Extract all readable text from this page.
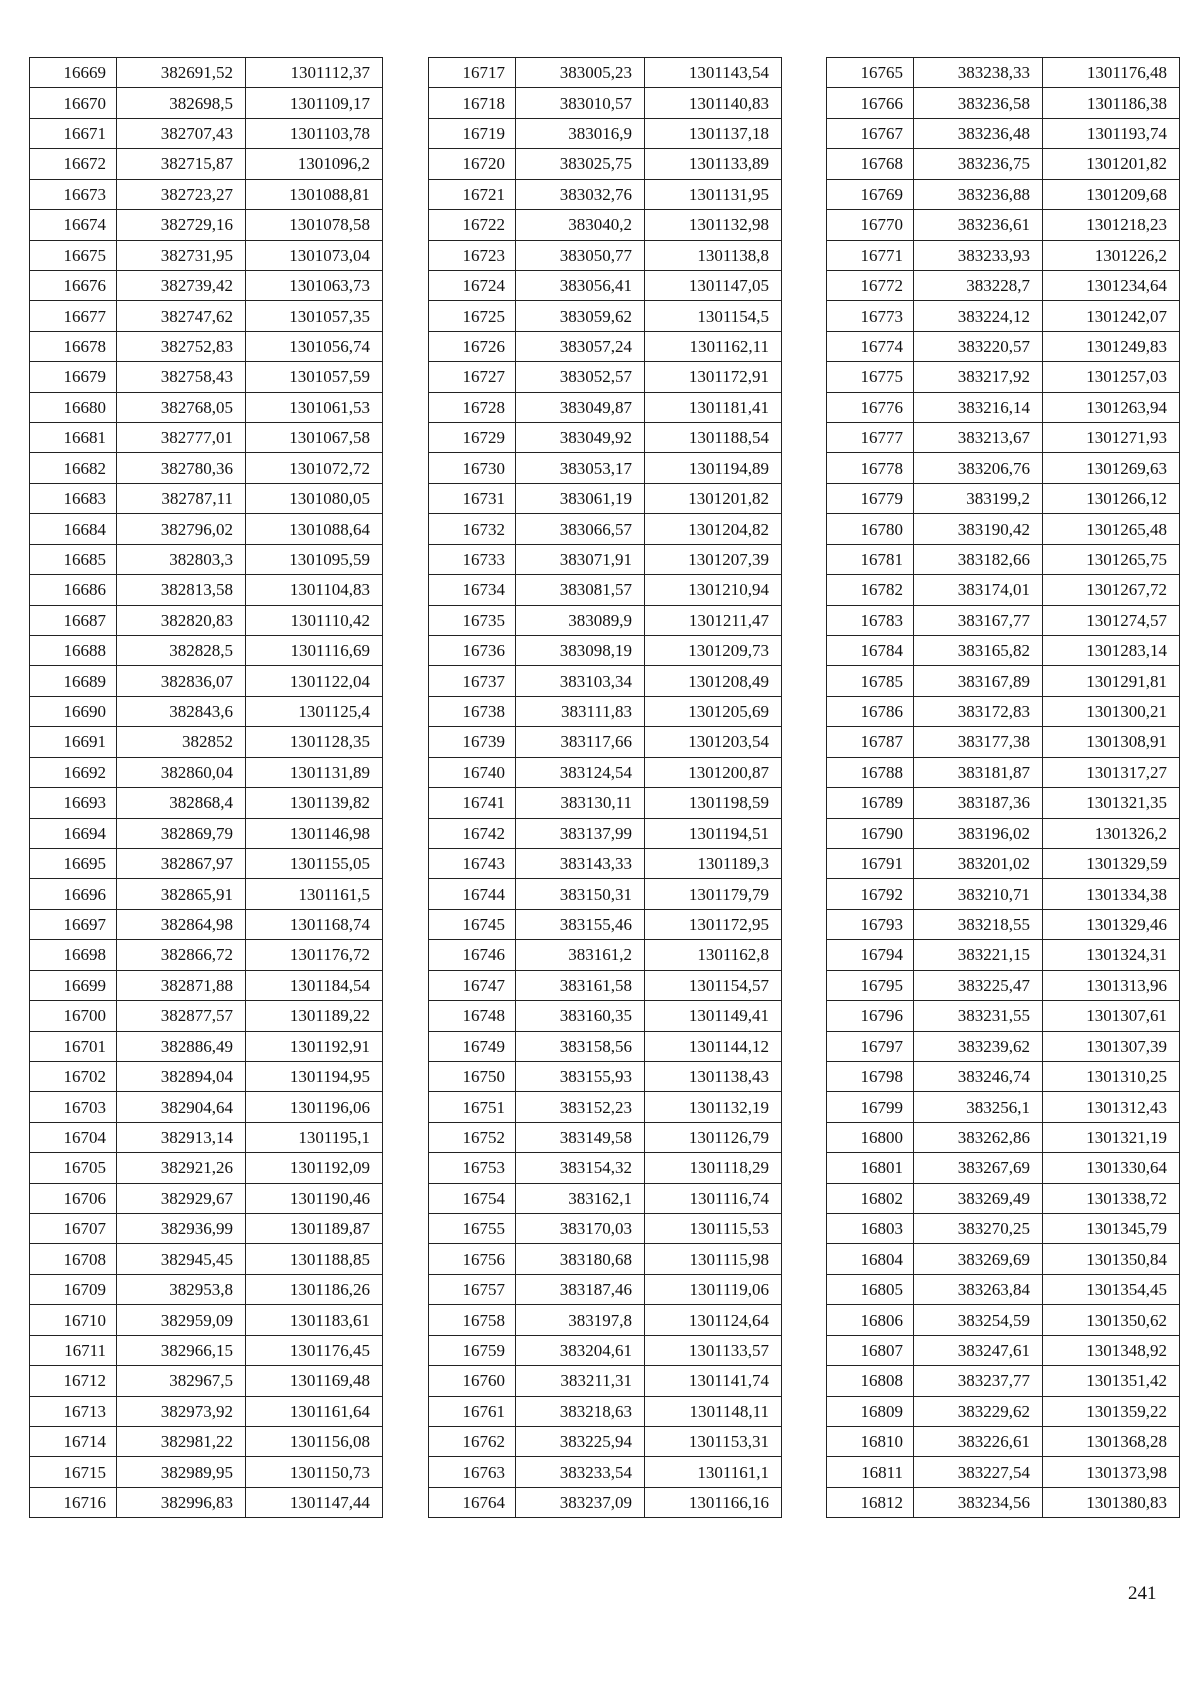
16669	382691,52	1301112,37
16670	382698,5	1301109,17
16671	382707,43	1301103,78
16672	382715,87	1301096,2
16673	382723,27	1301088,81
16674	382729,16	1301078,58
16675	382731,95	1301073,04
16676	382739,42	1301063,73
16677	382747,62	1301057,35
16678	382752,83	1301056,74
16679	382758,43	1301057,59
16680	382768,05	1301061,53
16681	382777,01	1301067,58
16682	382780,36	1301072,72
16683	382787,11	1301080,05
16684	382796,02	1301088,64
16685	382803,3	1301095,59
16686	382813,58	1301104,83
16687	382820,83	1301110,42
16688	382828,5	1301116,69
16689	382836,07	1301122,04
16690	382843,6	1301125,4
16691	382852	1301128,35
16692	382860,04	1301131,89
16693	382868,4	1301139,82
16694	382869,79	1301146,98
16695	382867,97	1301155,05
16696	382865,91	1301161,5
16697	382864,98	1301168,74
16698	382866,72	1301176,72
16699	382871,88	1301184,54
16700	382877,57	1301189,22
16701	382886,49	1301192,91
16702	382894,04	1301194,95
16703	382904,64	1301196,06
16704	382913,14	1301195,1
16705	382921,26	1301192,09
16706	382929,67	1301190,46
16707	382936,99	1301189,87
16708	382945,45	1301188,85
16709	382953,8	1301186,26
16710	382959,09	1301183,61
16711	382966,15	1301176,45
16712	382967,5	1301169,48
16713	382973,92	1301161,64
16714	382981,22	1301156,08
16715	382989,95	1301150,73
16716	382996,83	1301147,44
16717	383005,23	1301143,54
16718	383010,57	1301140,83
16719	383016,9	1301137,18
16720	383025,75	1301133,89
16721	383032,76	1301131,95
16722	383040,2	1301132,98
16723	383050,77	1301138,8
16724	383056,41	1301147,05
16725	383059,62	1301154,5
16726	383057,24	1301162,11
16727	383052,57	1301172,91
16728	383049,87	1301181,41
16729	383049,92	1301188,54
16730	383053,17	1301194,89
16731	383061,19	1301201,82
16732	383066,57	1301204,82
16733	383071,91	1301207,39
16734	383081,57	1301210,94
16735	383089,9	1301211,47
16736	383098,19	1301209,73
16737	383103,34	1301208,49
16738	383111,83	1301205,69
16739	383117,66	1301203,54
16740	383124,54	1301200,87
16741	383130,11	1301198,59
16742	383137,99	1301194,51
16743	383143,33	1301189,3
16744	383150,31	1301179,79
16745	383155,46	1301172,95
16746	383161,2	1301162,8
16747	383161,58	1301154,57
16748	383160,35	1301149,41
16749	383158,56	1301144,12
16750	383155,93	1301138,43
16751	383152,23	1301132,19
16752	383149,58	1301126,79
16753	383154,32	1301118,29
16754	383162,1	1301116,74
16755	383170,03	1301115,53
16756	383180,68	1301115,98
16757	383187,46	1301119,06
16758	383197,8	1301124,64
16759	383204,61	1301133,57
16760	383211,31	1301141,74
16761	383218,63	1301148,11
16762	383225,94	1301153,31
16763	383233,54	1301161,1
16764	383237,09	1301166,16
16765	383238,33	1301176,48
16766	383236,58	1301186,38
16767	383236,48	1301193,74
16768	383236,75	1301201,82
16769	383236,88	1301209,68
16770	383236,61	1301218,23
16771	383233,93	1301226,2
16772	383228,7	1301234,64
16773	383224,12	1301242,07
16774	383220,57	1301249,83
16775	383217,92	1301257,03
16776	383216,14	1301263,94
16777	383213,67	1301271,93
16778	383206,76	1301269,63
16779	383199,2	1301266,12
16780	383190,42	1301265,48
16781	383182,66	1301265,75
16782	383174,01	1301267,72
16783	383167,77	1301274,57
16784	383165,82	1301283,14
16785	383167,89	1301291,81
16786	383172,83	1301300,21
16787	383177,38	1301308,91
16788	383181,87	1301317,27
16789	383187,36	1301321,35
16790	383196,02	1301326,2
16791	383201,02	1301329,59
16792	383210,71	1301334,38
16793	383218,55	1301329,46
16794	383221,15	1301324,31
16795	383225,47	1301313,96
16796	383231,55	1301307,61
16797	383239,62	1301307,39
16798	383246,74	1301310,25
16799	383256,1	1301312,43
16800	383262,86	1301321,19
16801	383267,69	1301330,64
16802	383269,49	1301338,72
16803	383270,25	1301345,79
16804	383269,69	1301350,84
16805	383263,84	1301354,45
16806	383254,59	1301350,62
16807	383247,61	1301348,92
16808	383237,77	1301351,42
16809	383229,62	1301359,22
16810	383226,61	1301368,28
16811	383227,54	1301373,98
16812	383234,56	1301380,83
241
